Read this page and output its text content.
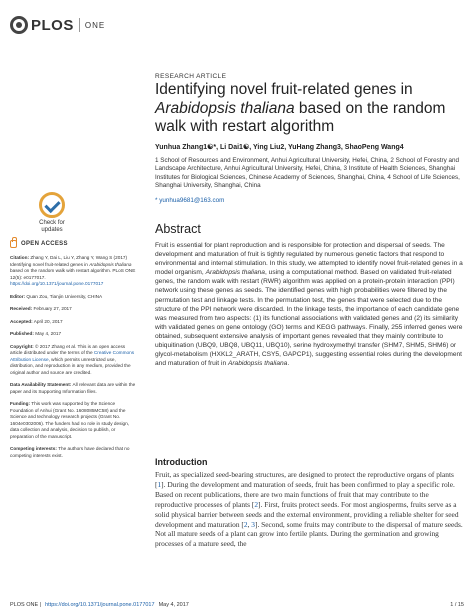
PLOS ONE
RESEARCH ARTICLE
Identifying novel fruit-related genes in
Arabidopsis thaliana based on the random walk with restart algorithm
Yunhua Zhang1☯*, Li Dai1☯, Ying Liu2, YuHang Zhang3, ShaoPeng Wang4
1 School of Resources and Environment, Anhui Agricultural University, Hefei, China, 2 School of Forestry and Landscape Architecture, Anhui Agricultural University, Hefei, China, 3 Institute of Health Sciences, Shanghai Institutes for Biological Sciences, Chinese Academy of Sciences, Shanghai, China, 4 School of Life Sciences, Shanghai University, Shanghai, China
* yunhua9681@163.com
Check for
updates
OPEN ACCESS
Citation: Zhang Y, Dai L, Liu Y, Zhang Y, Wang S (2017) Identifying novel fruit-related genes in Arabidopsis thaliana based on the random walk with restart algorithm. PLoS ONE 12(5): e0177017. https://doi.org/10.1371/journal.pone.0177017
Editor: Quan Zou, Tianjin University, CHINA
Received: February 27, 2017
Accepted: April 20, 2017
Published: May 4, 2017
Copyright: © 2017 Zhang et al. This is an open access article distributed under the terms of the Creative Commons Attribution License, which permits unrestricted use, distribution, and reproduction in any medium, provided the original author and source are credited.
Data Availability Statement: All relevant data are within the paper and its Supporting Information files.
Funding: This work was supported by the Science Foundation of Anhui (Grant No. 1608085MC58) and the Science and technology research projects (Grant No. 1604e0302006). The funders had no role in study design, data collection and analysis, decision to publish, or preparation of the manuscript.
Competing interests: The authors have declared that no competing interests exist.
Abstract
Fruit is essential for plant reproduction and is responsible for protection and dispersal of seeds. The development and maturation of fruit is tightly regulated by numerous genetic factors that respond to environmental and internal stimulation. In this study, we attempted to identify novel fruit-related genes in a model organism, Arabidopsis thaliana, using a computational method. Based on validated fruit-related genes, the random walk with restart (RWR) algorithm was applied on a protein-protein interaction (PPI) network using these genes as seeds. The identified genes with high probabilities were filtered by the permutation test and linkage tests. In the permutation test, the genes that were selected due to the structure of the PPI network were discarded. In the linkage tests, the importance of each candidate gene was measured from two aspects: (1) its functional associations with validated genes and (2) its similarity with validated genes on gene ontology (GO) terms and KEGG pathways. Finally, 255 inferred genes were obtained, subsequent extensive analysis of important genes revealed that they mainly contribute to ubiquitination (UBQ9, UBQ8, UBQ11, UBQ10), serine hydroxymethyl transfer (SHM7, SHM5, SHM6) or glycol-metabolism (HXKL2_ARATH, CSY5, GAPCP1), suggesting essential roles during the development and maturation of fruit in Arabidopsis thaliana.
Introduction
Fruit, as specialized seed-bearing structures, are designed to protect the reproductive organs of plants [1]. During the development and maturation of seeds, fruit has been confirmed to play a specific role. Based on recent publications, there are two main functions of fruit that may contribute to the reproductive processes of plants [2]. First, fruits protect seeds. For most angiosperms, fruits serve as a solid physical barrier between seeds and the external environment, providing a reliable shelter for seed development and maturation [2, 3]. Second, some fruits may contribute to the dispersal of mature seeds. Not all mature seeds of a plant can grow into fertile plants. During the germination and growing processes of a mature seed, the
PLOS ONE | https://doi.org/10.1371/journal.pone.0177017 May 4, 2017	1 / 15
